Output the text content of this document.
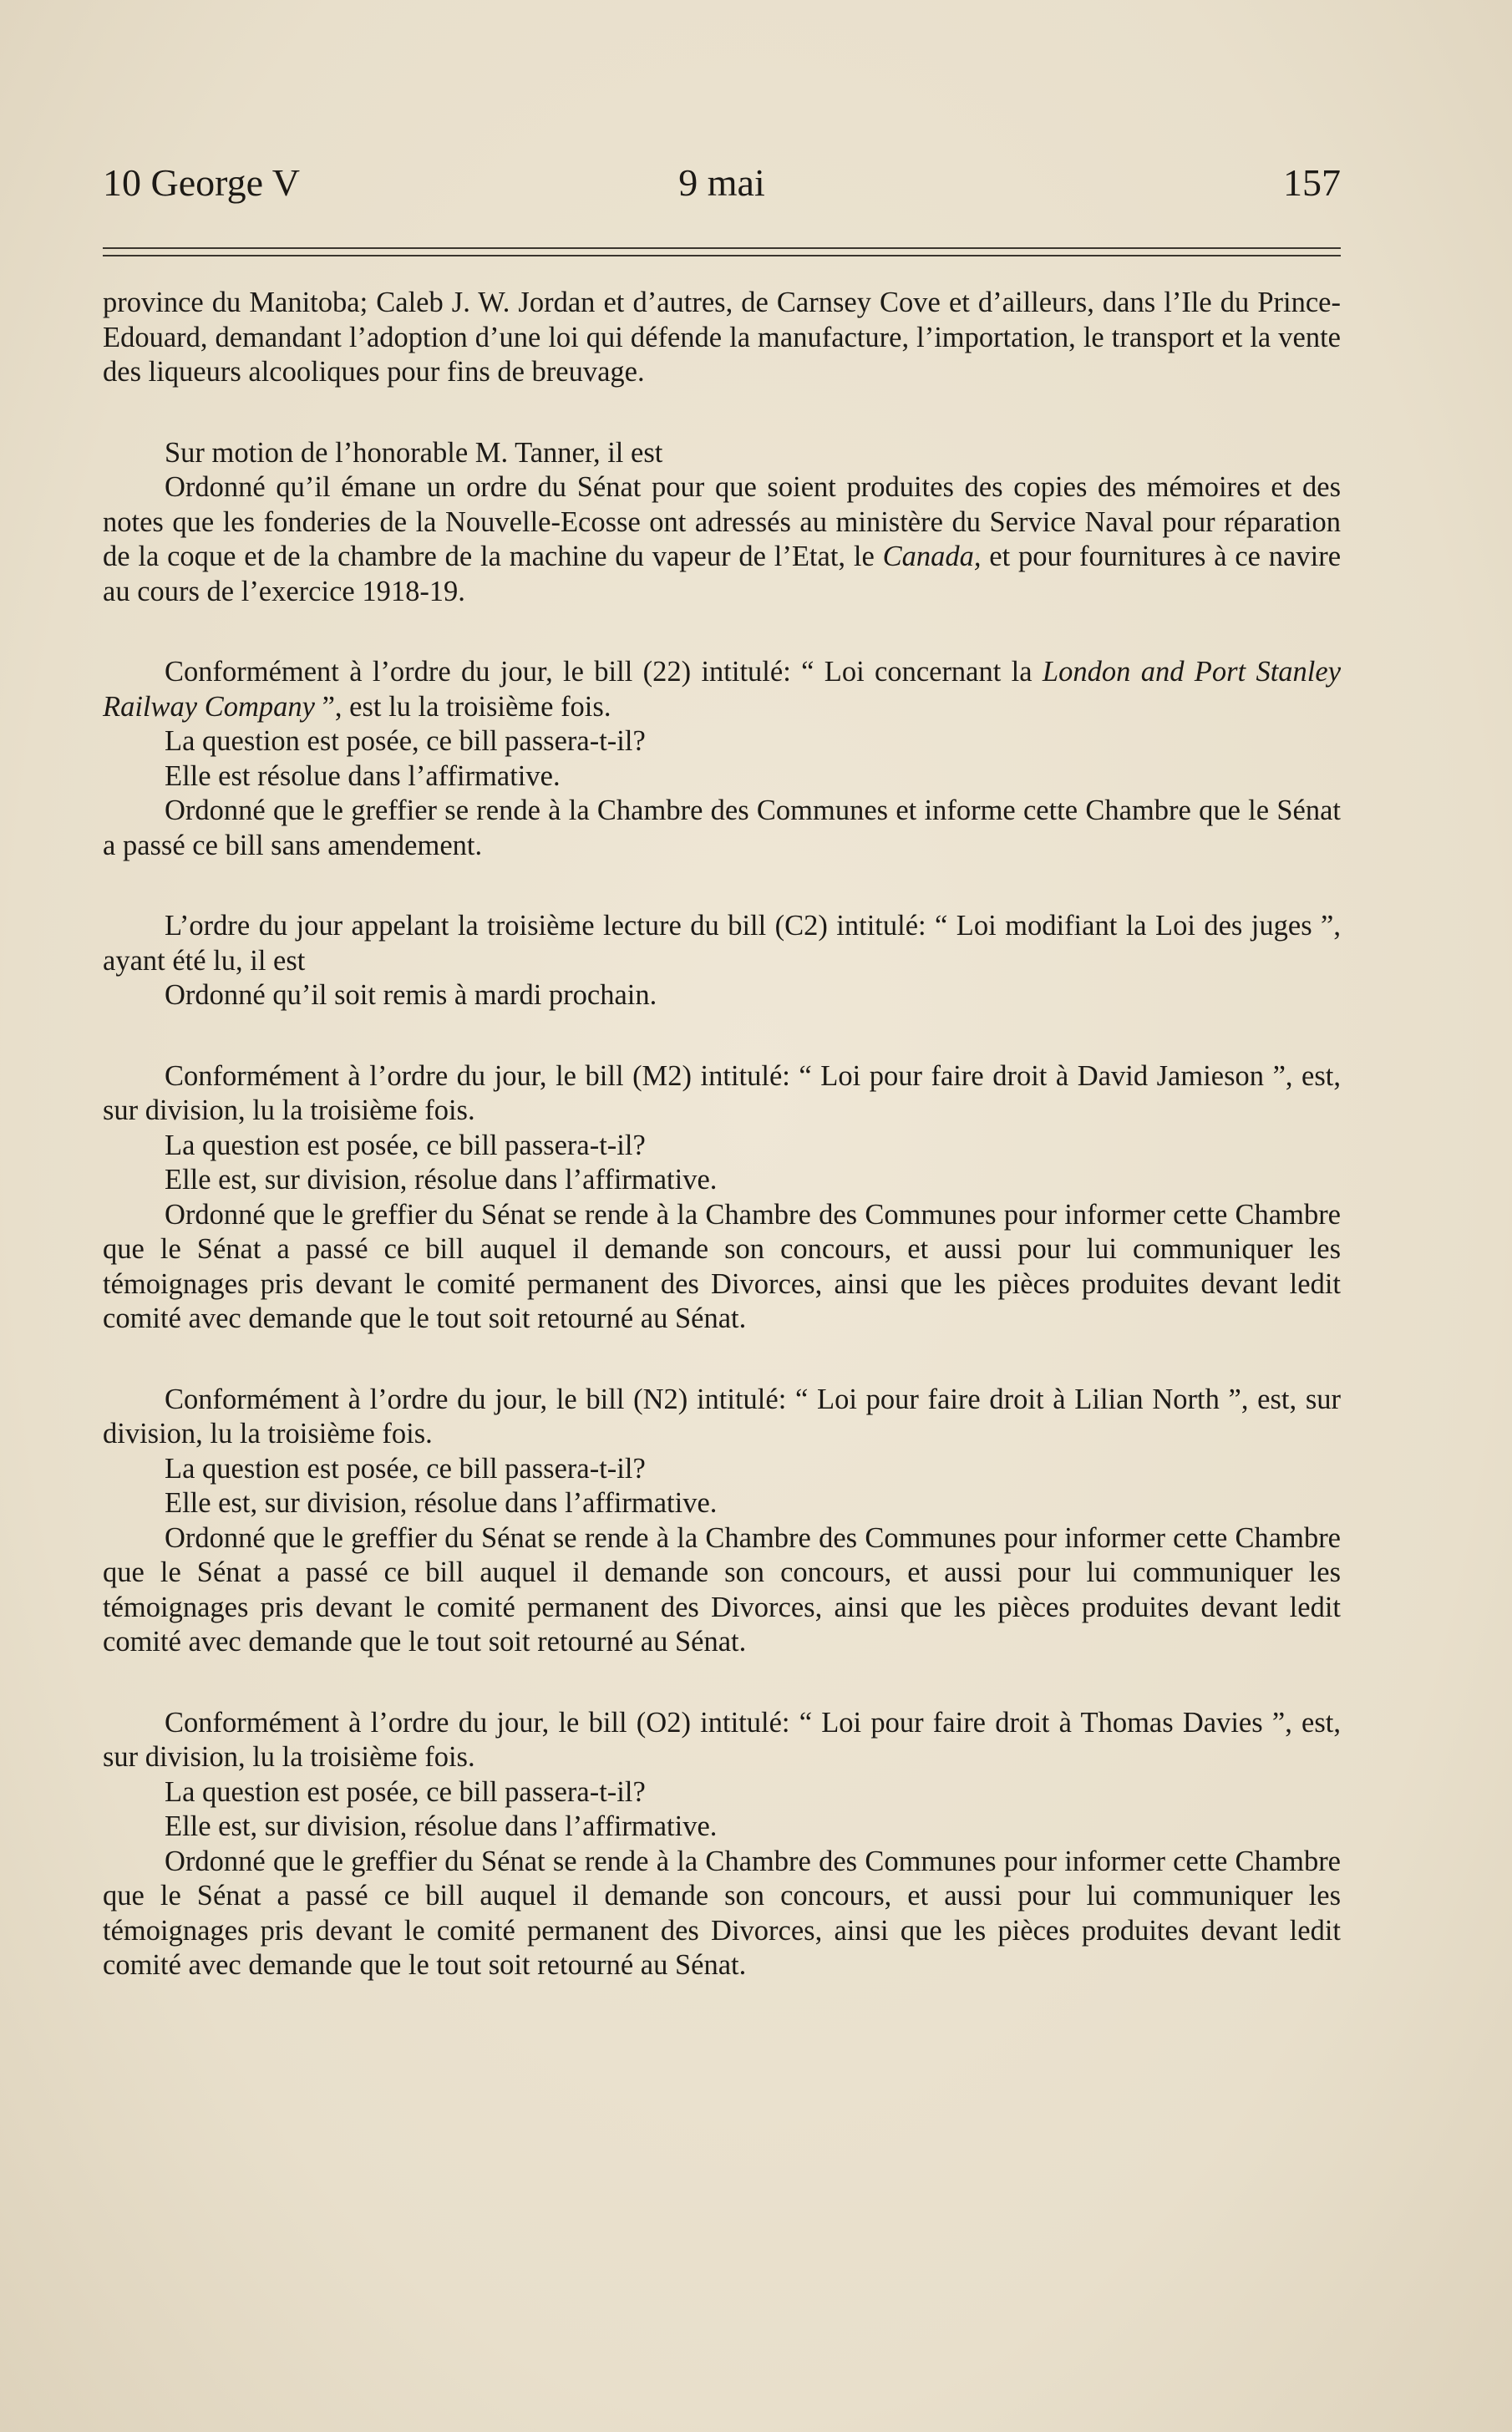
10 George V	9 mai	157

province du Manitoba; Caleb J. W. Jordan et d’autres, de Carnsey Cove et d’ailleurs, dans l’Ile du Prince-Edouard, demandant l’adoption d’une loi qui défende la manufacture, l’importation, le transport et la vente des liqueurs alcooliques pour fins de breuvage.

Sur motion de l’honorable M. Tanner, il est

Ordonné qu’il émane un ordre du Sénat pour que soient produites des copies des mémoires et des notes que les fonderies de la Nouvelle-Ecosse ont adressés au ministère du Service Naval pour réparation de la coque et de la chambre de la machine du vapeur de l’Etat, le Canada, et pour fournitures à ce navire au cours de l’exercice 1918-19.

Conformément à l’ordre du jour, le bill (22) intitulé: “ Loi concernant la London and Port Stanley Railway Company ”, est lu la troisième fois.

La question est posée, ce bill passera-t-il?

Elle est résolue dans l’affirmative.

Ordonné que le greffier se rende à la Chambre des Communes et informe cette Chambre que le Sénat a passé ce bill sans amendement.

L’ordre du jour appelant la troisième lecture du bill (C2) intitulé: “ Loi modifiant la Loi des juges ”, ayant été lu, il est

Ordonné qu’il soit remis à mardi prochain.

Conformément à l’ordre du jour, le bill (M2) intitulé: “ Loi pour faire droit à David Jamieson ”, est, sur division, lu la troisième fois.

La question est posée, ce bill passera-t-il?

Elle est, sur division, résolue dans l’affirmative.

Ordonné que le greffier du Sénat se rende à la Chambre des Communes pour informer cette Chambre que le Sénat a passé ce bill auquel il demande son concours, et aussi pour lui communiquer les témoignages pris devant le comité permanent des Divorces, ainsi que les pièces produites devant ledit comité avec demande que le tout soit retourné au Sénat.

Conformément à l’ordre du jour, le bill (N2) intitulé: “ Loi pour faire droit à Lilian North ”, est, sur division, lu la troisième fois.

La question est posée, ce bill passera-t-il?

Elle est, sur division, résolue dans l’affirmative.

Ordonné que le greffier du Sénat se rende à la Chambre des Communes pour informer cette Chambre que le Sénat a passé ce bill auquel il demande son concours, et aussi pour lui communiquer les témoignages pris devant le comité permanent des Divorces, ainsi que les pièces produites devant ledit comité avec demande que le tout soit retourné au Sénat.

Conformément à l’ordre du jour, le bill (O2) intitulé: “ Loi pour faire droit à Thomas Davies ”, est, sur division, lu la troisième fois.

La question est posée, ce bill passera-t-il?

Elle est, sur division, résolue dans l’affirmative.

Ordonné que le greffier du Sénat se rende à la Chambre des Communes pour informer cette Chambre que le Sénat a passé ce bill auquel il demande son concours, et aussi pour lui communiquer les témoignages pris devant le comité permanent des Divorces, ainsi que les pièces produites devant ledit comité avec demande que le tout soit retourné au Sénat.
